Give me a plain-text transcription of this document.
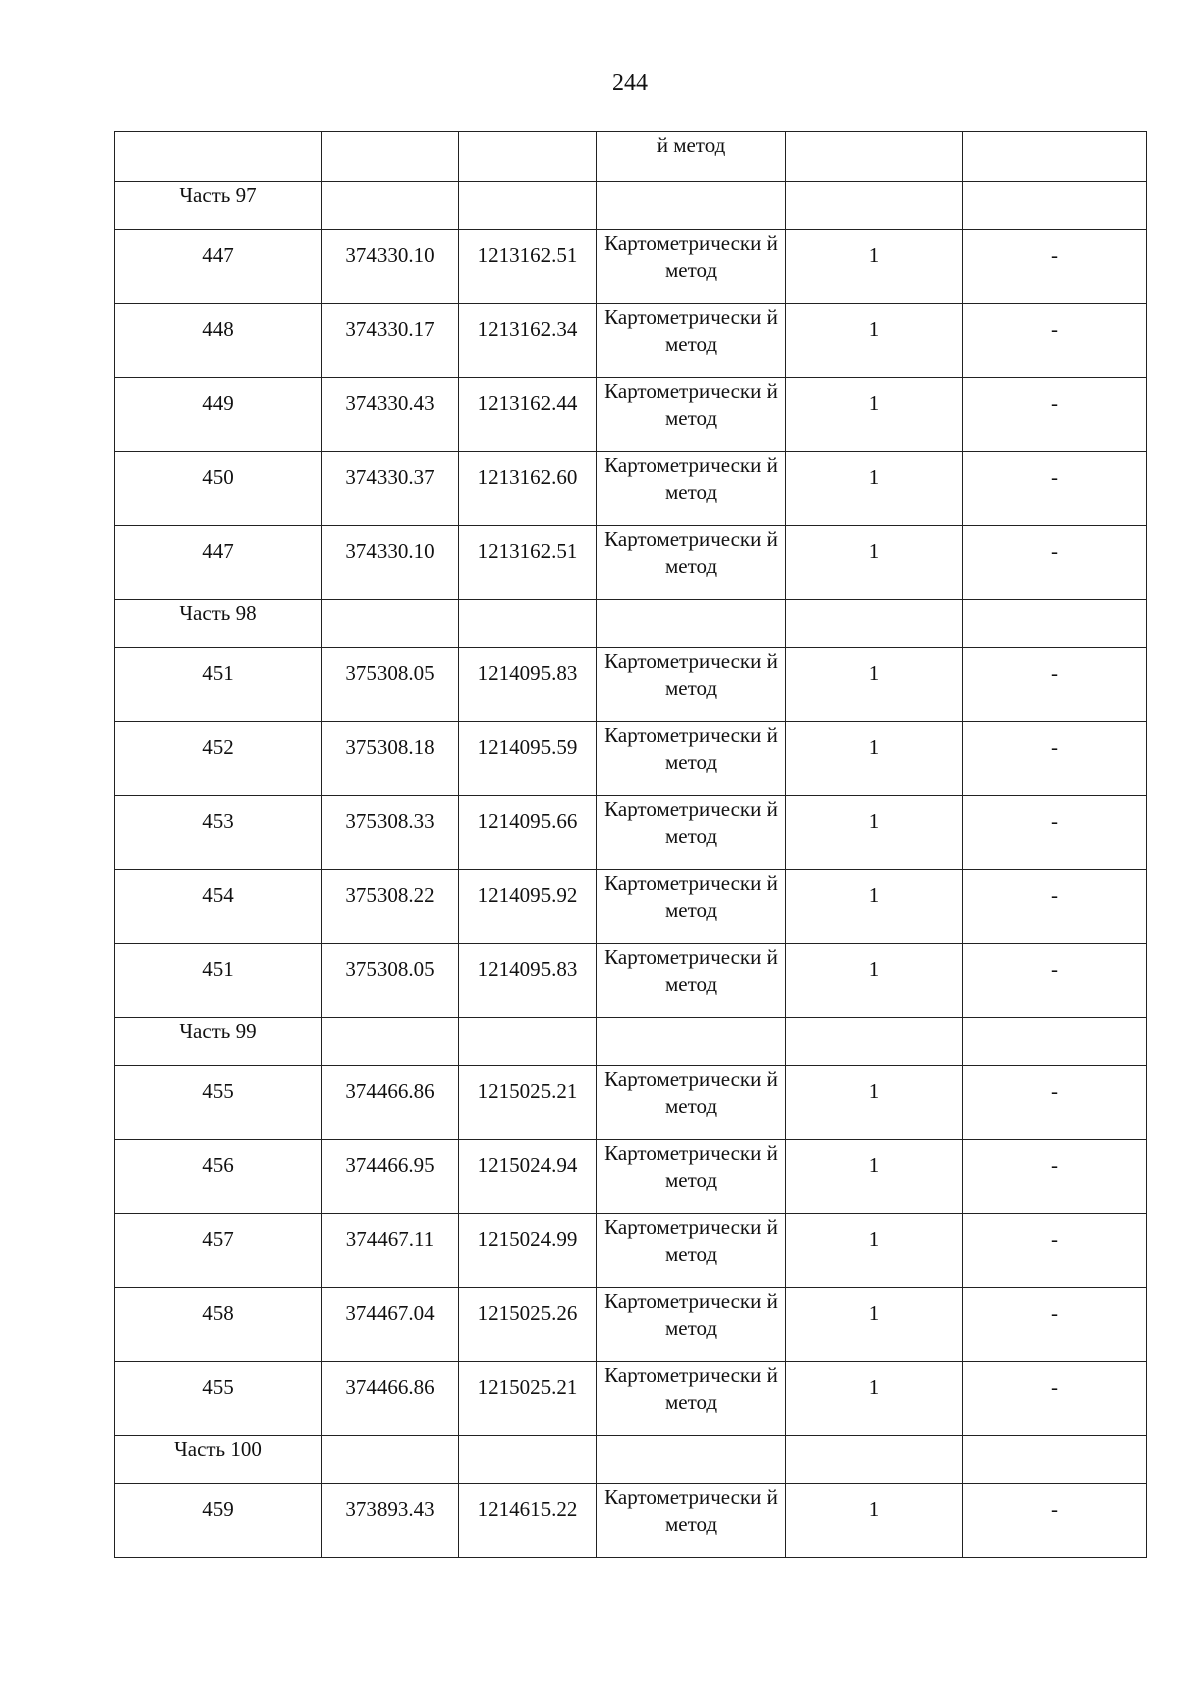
244
			й метод		
Часть 97					
447	374330.10	1213162.51	Картометрически й метод	1	-
448	374330.17	1213162.34	Картометрически й метод	1	-
449	374330.43	1213162.44	Картометрически й метод	1	-
450	374330.37	1213162.60	Картометрически й метод	1	-
447	374330.10	1213162.51	Картометрически й метод	1	-
Часть 98					
451	375308.05	1214095.83	Картометрически й метод	1	-
452	375308.18	1214095.59	Картометрически й метод	1	-
453	375308.33	1214095.66	Картометрически й метод	1	-
454	375308.22	1214095.92	Картометрически й метод	1	-
451	375308.05	1214095.83	Картометрически й метод	1	-
Часть 99					
455	374466.86	1215025.21	Картометрически й метод	1	-
456	374466.95	1215024.94	Картометрически й метод	1	-
457	374467.11	1215024.99	Картометрически й метод	1	-
458	374467.04	1215025.26	Картометрически й метод	1	-
455	374466.86	1215025.21	Картометрически й метод	1	-
Часть 100					
459	373893.43	1214615.22	Картометрически й метод	1	-
